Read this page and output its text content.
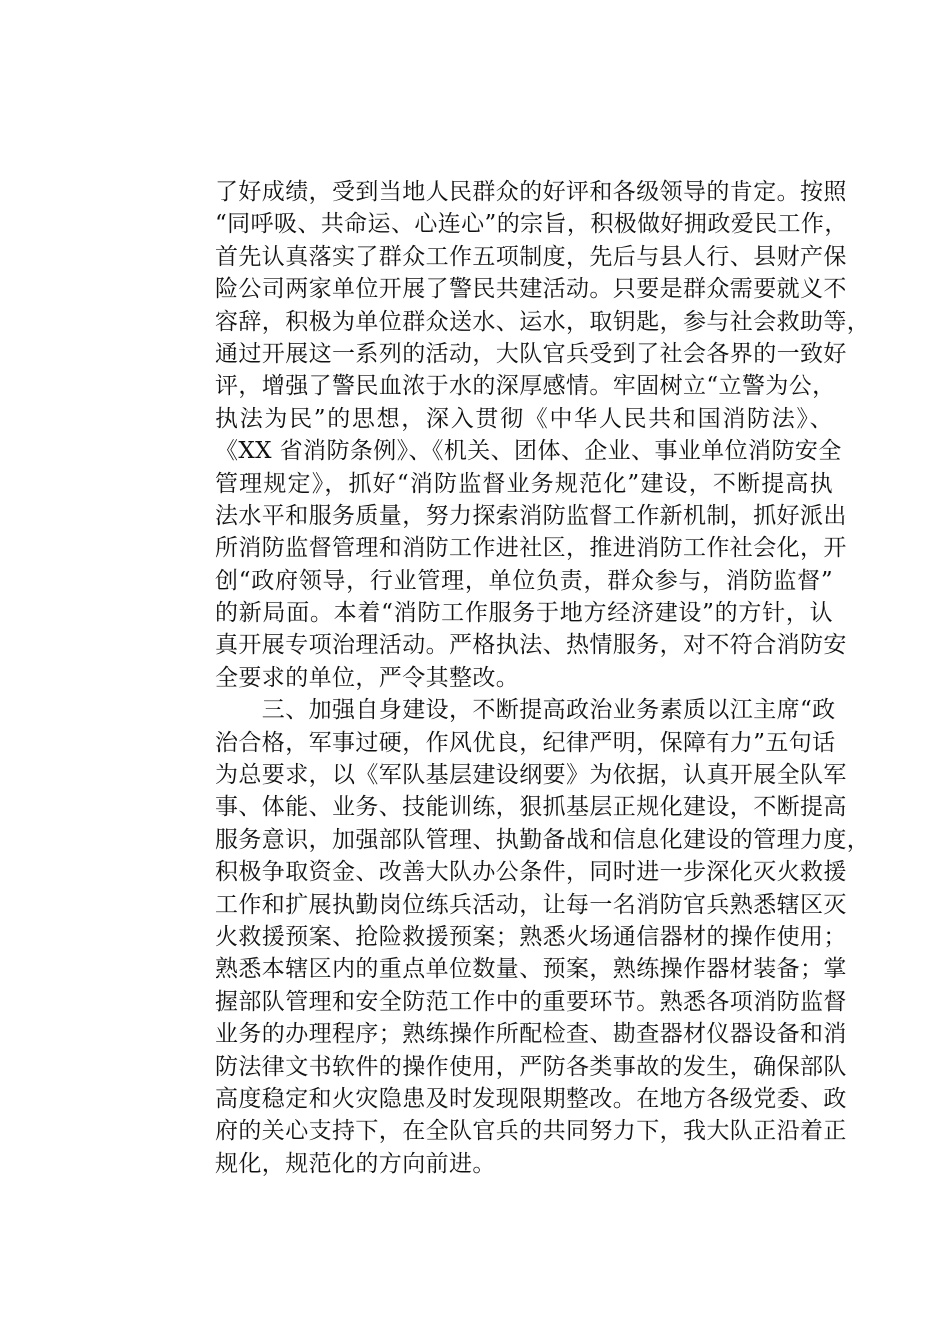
了好成绩，受到当地人民群众的好评和各级领导的肯定。按照
“同呼吸、共命运、心连心”的宗旨，积极做好拥政爱民工作，
首先认真落实了群众工作五项制度，先后与县人行、县财产保
险公司两家单位开展了警民共建活动。只要是群众需要就义不
容辞，积极为单位群众送水、运水，取钥匙，参与社会救助等，
通过开展这一系列的活动，大队官兵受到了社会各界的一致好
评，增强了警民血浓于水的深厚感情。牢固树立“立警为公，
执法为民”的思想，深入贯彻《中华人民共和国消防法》、
《XX 省消防条例》、《机关、团体、企业、事业单位消防安全
管理规定》，抓好“消防监督业务规范化”建设，不断提高执
法水平和服务质量，努力探索消防监督工作新机制，抓好派出
所消防监督管理和消防工作进社区，推进消防工作社会化，开
创“政府领导，行业管理，单位负责，群众参与，消防监督”
的新局面。本着“消防工作服务于地方经济建设”的方针，认
真开展专项治理活动。严格执法、热情服务，对不符合消防安
全要求的单位，严令其整改。
　　三、加强自身建设，不断提高政治业务素质以江主席“政
治合格，军事过硬，作风优良，纪律严明，保障有力”五句话
为总要求，以《军队基层建设纲要》为依据，认真开展全队军
事、体能、业务、技能训练，狠抓基层正规化建设，不断提高
服务意识，加强部队管理、执勤备战和信息化建设的管理力度，
积极争取资金、改善大队办公条件，同时进一步深化灭火救援
工作和扩展执勤岗位练兵活动，让每一名消防官兵熟悉辖区灭
火救援预案、抢险救援预案；熟悉火场通信器材的操作使用；
熟悉本辖区内的重点单位数量、预案，熟练操作器材装备；掌
握部队管理和安全防范工作中的重要环节。熟悉各项消防监督
业务的办理程序；熟练操作所配检查、勘查器材仪器设备和消
防法律文书软件的操作使用，严防各类事故的发生，确保部队
高度稳定和火灾隐患及时发现限期整改。在地方各级党委、政
府的关心支持下，在全队官兵的共同努力下，我大队正沿着正
规化，规范化的方向前进。
